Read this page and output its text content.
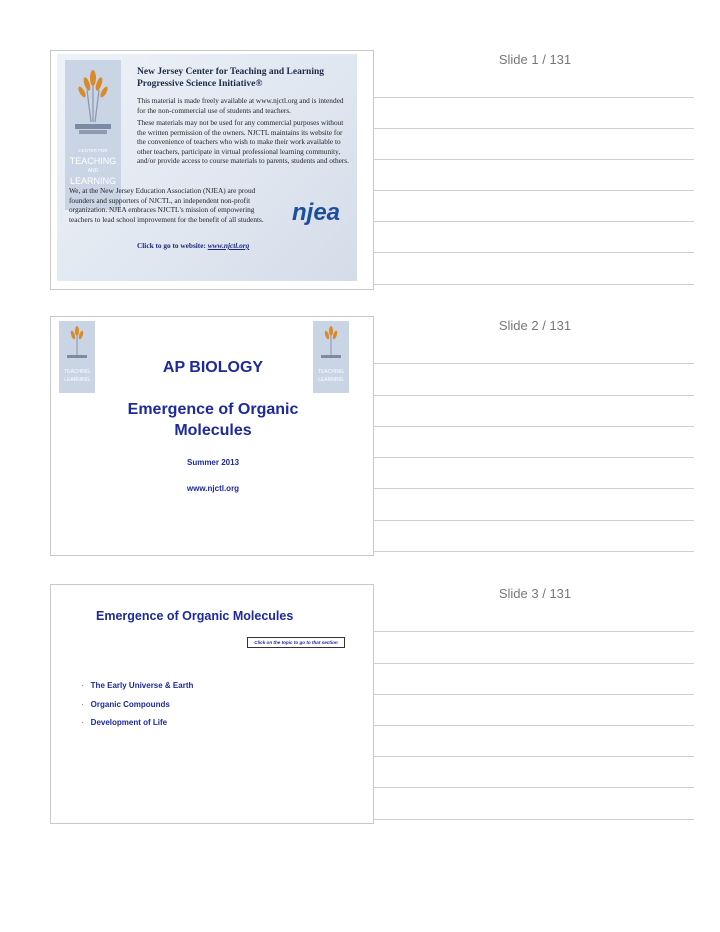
CENTER FOR
TEACHING
AND
LEARNING
New Jersey Center for Teaching and Learning
Progressive Science Initiative®
This material is made freely available at www.njctl.org and is intended for the non-commercial use of students and teachers.
These materials may not be used for any commercial purposes without the written permission of the owners. NJCTL maintains its website for the convenience of teachers who wish to make their work available to other teachers, participate in virtual professional learning community, and/or provide access to course materials to parents, students and others.
We, at the New Jersey Education Association (NJEA) are proud founders and supporters of NJCTL, an independent non-profit organization. NJEA embraces NJCTL's mission of empowering teachers to lead school improvement for the benefit of all students.	njea
Click to go to website: www.njctl.org
Slide 1 / 131
TEACHING
LEARNING
TEACHING
LEARNING
AP BIOLOGY
Emergence of Organic
Molecules
Summer 2013
www.njctl.org
Slide 2 / 131
Emergence of Organic Molecules
Click on the topic to go to that section
· The Early Universe & Earth
· Organic Compounds
· Development of Life
Slide 3 / 131
